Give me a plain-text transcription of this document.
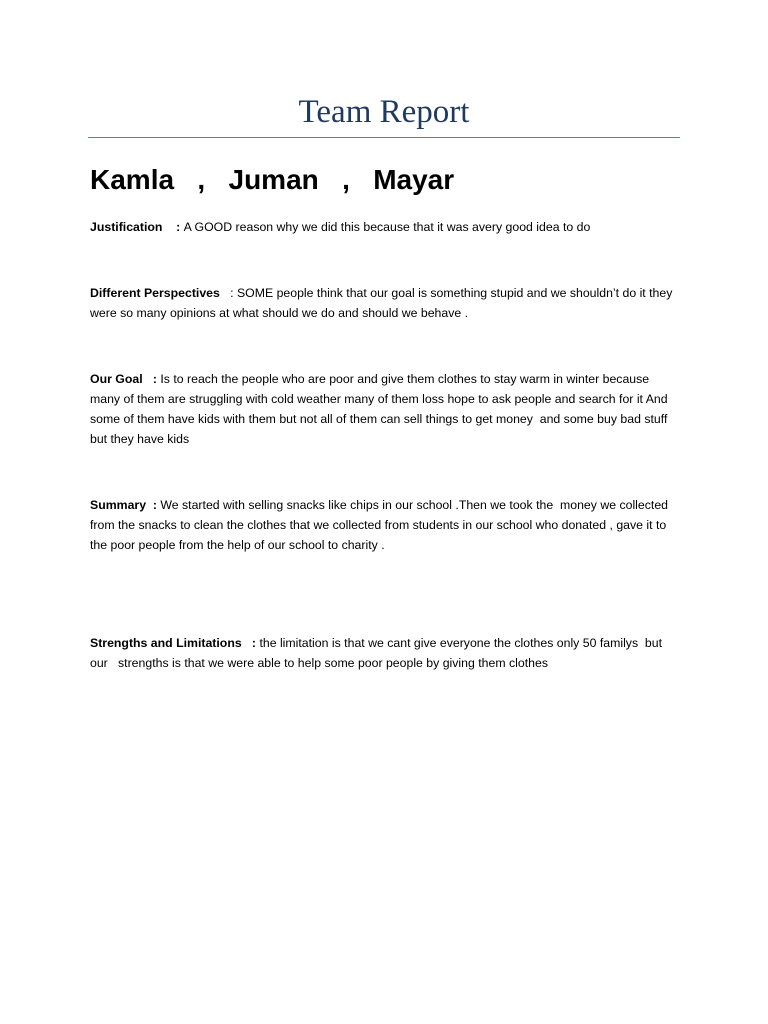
Team Report
Kamla   ,   Juman   ,   Mayar
Justification    : A GOOD reason why we did this because that it was avery good idea to do
Different Perspectives   : SOME people think that our goal is something stupid and we shouldn’t do it they were so many opinions at what should we do and should we behave .
Our Goal   : Is to reach the people who are poor and give them clothes to stay warm in winter because many of them are struggling with cold weather many of them loss hope to ask people and search for it And some of them have kids with them but not all of them can sell things to get money  and some buy bad stuff but they have kids
Summary  : We started with selling snacks like chips in our school .Then we took the  money we collected from the snacks to clean the clothes that we collected from students in our school who donated , gave it to the poor people from the help of our school to charity .
Strengths and Limitations   : the limitation is that we cant give everyone the clothes only 50 familys  but our   strengths is that we were able to help some poor people by giving them clothes
